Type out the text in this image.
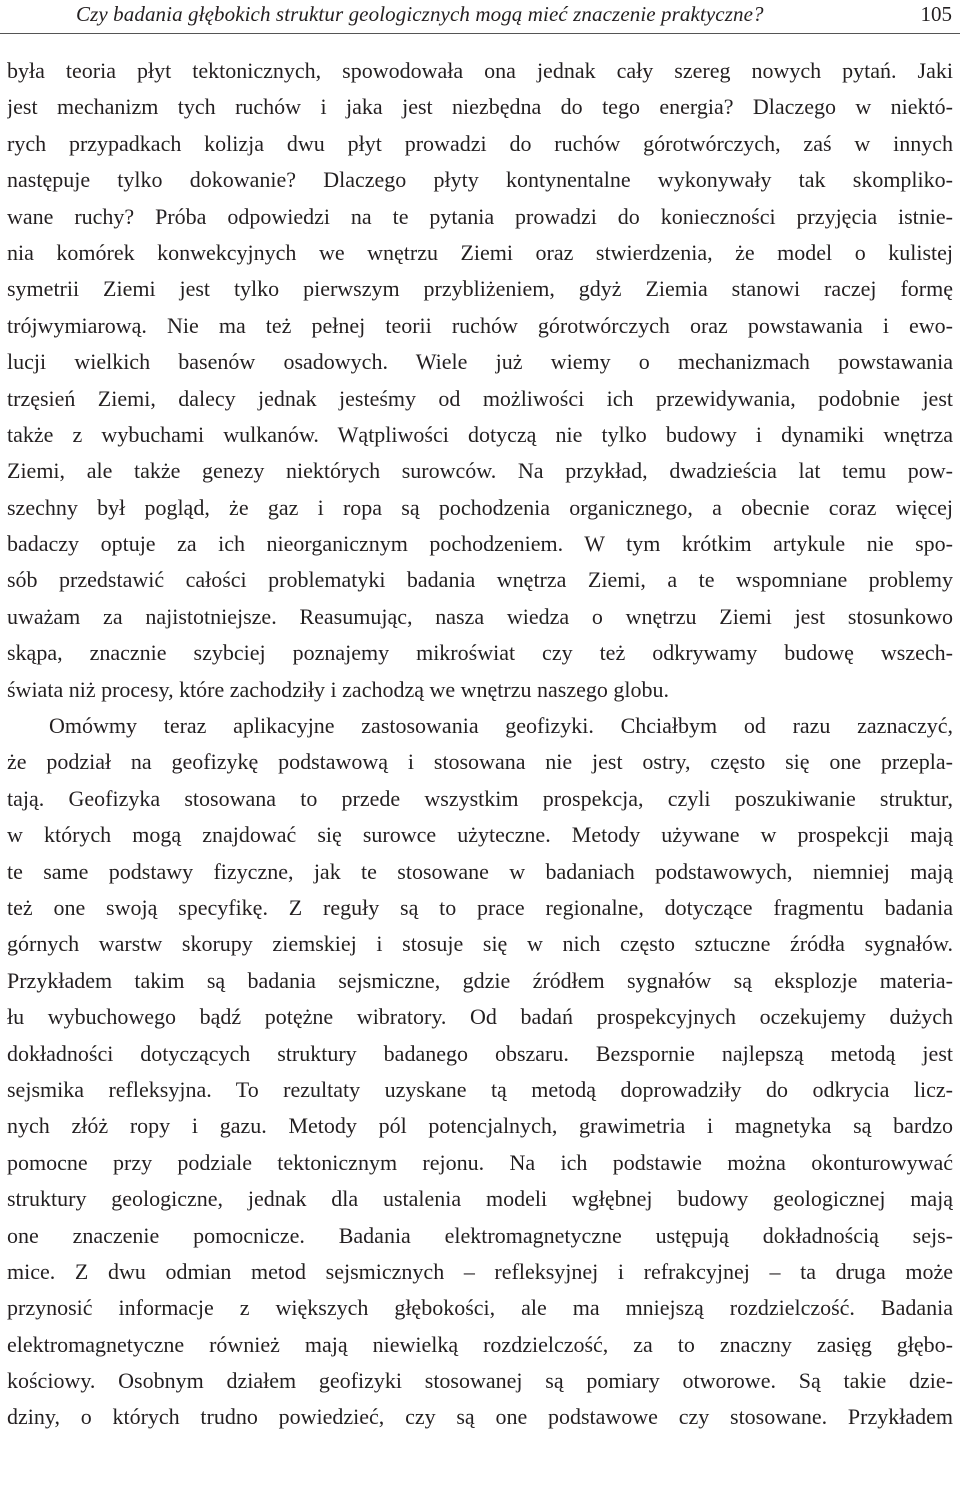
Czy badania głębokich struktur geologicznych mogą mieć znaczenie praktyczne?	105
była teoria płyt tektonicznych, spowodowała ona jednak cały szereg nowych pytań. Jaki
jest mechanizm tych ruchów i jaka jest niezbędna do tego energia? Dlaczego w niektó-
rych przypadkach kolizja dwu płyt prowadzi do ruchów górotwórczych, zaś w innych
następuje tylko dokowanie? Dlaczego płyty kontynentalne wykonywały tak skompliko-
wane ruchy? Próba odpowiedzi na te pytania prowadzi do konieczności przyjęcia istnie-
nia komórek konwekcyjnych we wnętrzu Ziemi oraz stwierdzenia, że model o kulistej
symetrii Ziemi jest tylko pierwszym przybliżeniem, gdyż Ziemia stanowi raczej formę
trójwymiarową. Nie ma też pełnej teorii ruchów górotwórczych oraz powstawania i ewo-
lucji wielkich basenów osadowych. Wiele już wiemy o mechanizmach powstawania
trzęsień Ziemi, dalecy jednak jesteśmy od możliwości ich przewidywania, podobnie jest
także z wybuchami wulkanów. Wątpliwości dotyczą nie tylko budowy i dynamiki wnętrza
Ziemi, ale także genezy niektórych surowców. Na przykład, dwadzieścia lat temu pow-
szechny był pogląd, że gaz i ropa są pochodzenia organicznego, a obecnie coraz więcej
badaczy optuje za ich nieorganicznym pochodzeniem. W tym krótkim artykule nie spo-
sób przedstawić całości problematyki badania wnętrza Ziemi, a te wspomniane problemy
uważam za najistotniejsze. Reasumując, nasza wiedza o wnętrzu Ziemi jest stosunkowo
skąpa, znacznie szybciej poznajemy mikroświat czy też odkrywamy budowę wszech-
świata niż procesy, które zachodziły i zachodzą we wnętrzu naszego globu.
Omówmy teraz aplikacyjne zastosowania geofizyki. Chciałbym od razu zaznaczyć,
że podział na geofizykę podstawową i stosowana nie jest ostry, często się one przepla-
tają. Geofizyka stosowana to przede wszystkim prospekcja, czyli poszukiwanie struktur,
w których mogą znajdować się surowce użyteczne. Metody używane w prospekcji mają
te same podstawy fizyczne, jak te stosowane w badaniach podstawowych, niemniej mają
też one swoją specyfikę. Z reguły są to prace regionalne, dotyczące fragmentu badania
górnych warstw skorupy ziemskiej i stosuje się w nich często sztuczne źródła sygnałów.
Przykładem takim są badania sejsmiczne, gdzie źródłem sygnałów są eksplozje materia-
łu wybuchowego bądź potężne wibratory. Od badań prospekcyjnych oczekujemy dużych
dokładności dotyczących struktury badanego obszaru. Bezspornie najlepszą metodą jest
sejsmika refleksyjna. To rezultaty uzyskane tą metodą doprowadziły do odkrycia licz-
nych złóż ropy i gazu. Metody pól potencjalnych, grawimetria i magnetyka są bardzo
pomocne przy podziale tektonicznym rejonu. Na ich podstawie można okonturowywać
struktury geologiczne, jednak dla ustalenia modeli wgłębnej budowy geologicznej mają
one znaczenie pomocnicze. Badania elektromagnetyczne ustępują dokładnością sejs-
mice. Z dwu odmian metod sejsmicznych – refleksyjnej i refrakcyjnej – ta druga może
przynosić informacje z większych głębokości, ale ma mniejszą rozdzielczość. Badania
elektromagnetyczne również mają niewielką rozdzielczość, za to znaczny zasięg głębo-
kościowy. Osobnym działem geofizyki stosowanej są pomiary otworowe. Są takie dzie-
dziny, o których trudno powiedzieć, czy są one podstawowe czy stosowane. Przykładem
